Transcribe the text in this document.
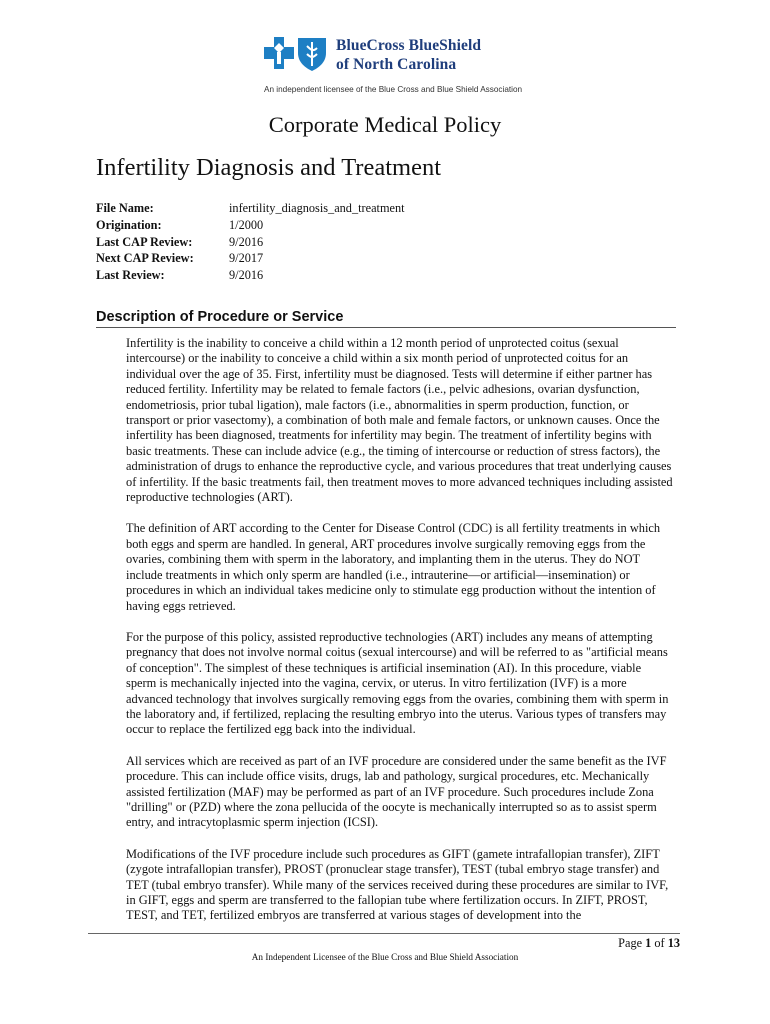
BlueCross BlueShield
of North Carolina
An independent licensee of the Blue Cross and Blue Shield Association
Corporate Medical Policy
Infertility Diagnosis and Treatment
File Name:	infertility_diagnosis_and_treatment
Origination:	1/2000
Last CAP Review:	9/2016
Next CAP Review:	9/2017
Last Review:	9/2016
Description of Procedure or Service

Infertility is the inability to conceive a child within a 12 month period of unprotected coitus (sexual intercourse) or the inability to conceive a child within a six month period of unprotected coitus for an individual over the age of 35. First, infertility must be diagnosed. Tests will determine if either partner has reduced fertility. Infertility may be related to female factors (i.e., pelvic adhesions, ovarian dysfunction, endometriosis, prior tubal ligation), male factors (i.e., abnormalities in sperm production, function, or transport or prior vasectomy), a combination of both male and female factors, or unknown causes. Once the infertility has been diagnosed, treatments for infertility may begin. The treatment of infertility begins with basic treatments. These can include advice (e.g., the timing of intercourse or reduction of stress factors), the administration of drugs to enhance the reproductive cycle, and various procedures that treat underlying causes of infertility. If the basic treatments fail, then treatment moves to more advanced techniques including assisted reproductive technologies (ART).

The definition of ART according to the Center for Disease Control (CDC) is all fertility treatments in which both eggs and sperm are handled. In general, ART procedures involve surgically removing eggs from the ovaries, combining them with sperm in the laboratory, and implanting them in the uterus. They do NOT include treatments in which only sperm are handled (i.e., intrauterine—or artificial—insemination) or procedures in which an individual takes medicine only to stimulate egg production without the intention of having eggs retrieved.

For the purpose of this policy, assisted reproductive technologies (ART) includes any means of attempting pregnancy that does not involve normal coitus (sexual intercourse) and will be referred to as "artificial means of conception". The simplest of these techniques is artificial insemination (AI). In this procedure, viable sperm is mechanically injected into the vagina, cervix, or uterus. In vitro fertilization (IVF) is a more advanced technology that involves surgically removing eggs from the ovaries, combining them with sperm in the laboratory and, if fertilized, replacing the resulting embryo into the uterus. Various types of transfers may occur to replace the fertilized egg back into the individual.

All services which are received as part of an IVF procedure are considered under the same benefit as the IVF procedure. This can include office visits, drugs, lab and pathology, surgical procedures, etc. Mechanically assisted fertilization (MAF) may be performed as part of an IVF procedure. Such procedures include Zona "drilling" or (PZD) where the zona pellucida of the oocyte is mechanically interrupted so as to assist sperm entry, and intracytoplasmic sperm injection (ICSI).

Modifications of the IVF procedure include such procedures as GIFT (gamete intrafallopian transfer), ZIFT (zygote intrafallopian transfer), PROST (pronuclear stage transfer), TEST (tubal embryo stage transfer) and TET (tubal embryo transfer). While many of the services received during these procedures are similar to IVF, in GIFT, eggs and sperm are transferred to the fallopian tube where fertilization occurs. In ZIFT, PROST, TEST, and TET, fertilized embryos are transferred at various stages of development into the

Page 1 of 13
An Independent Licensee of the Blue Cross and Blue Shield Association
